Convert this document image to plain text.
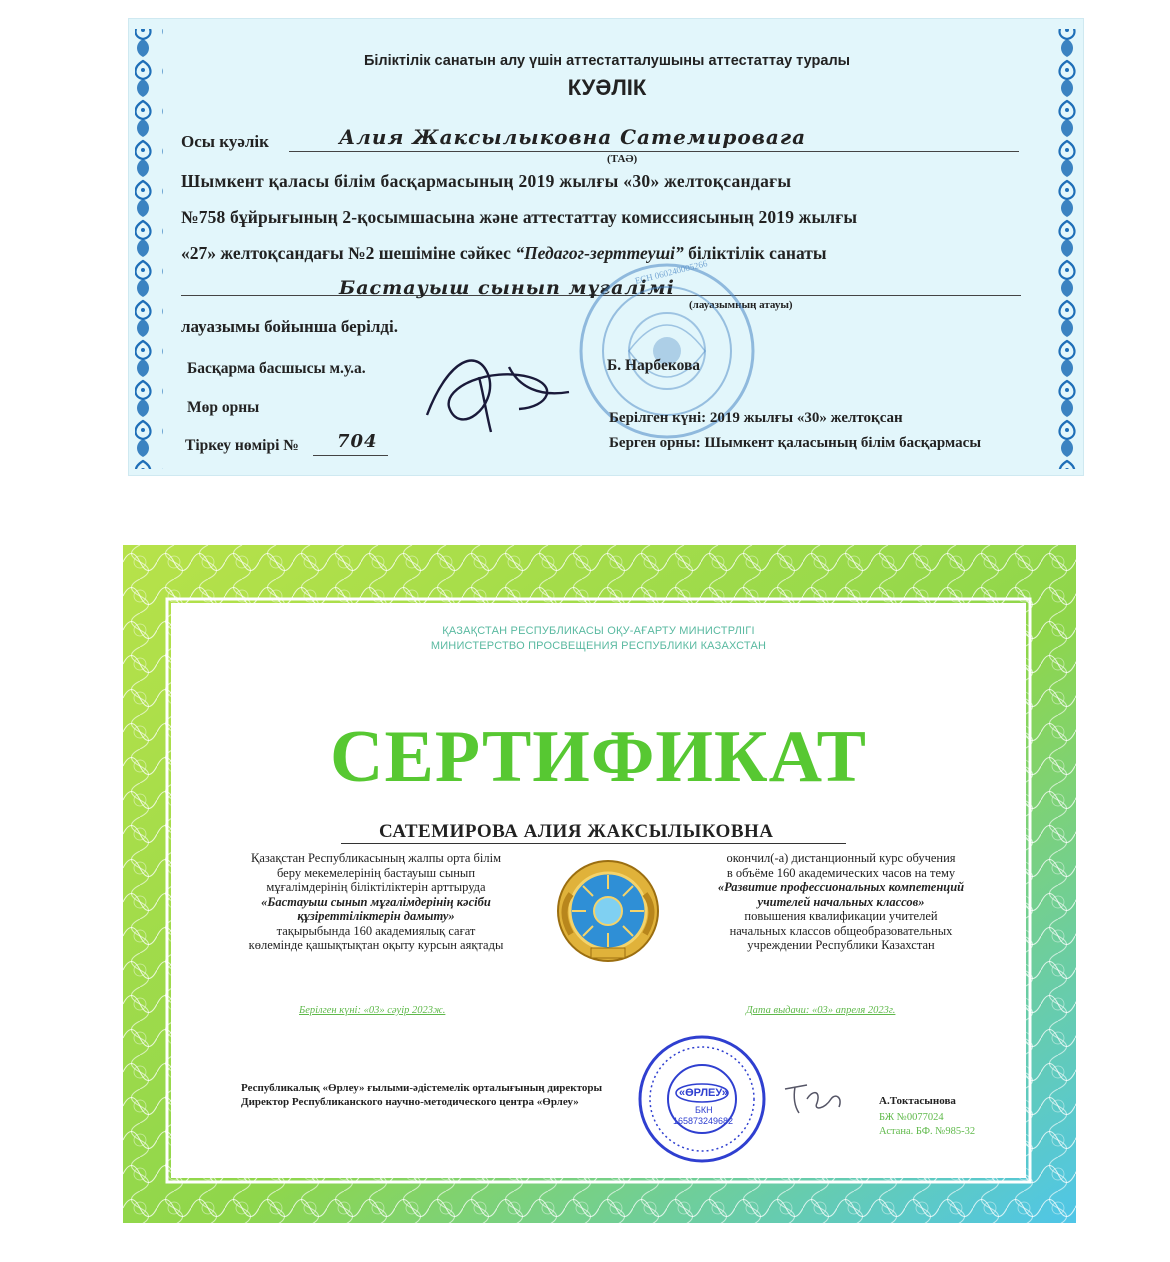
Біліктілік санатын алу үшін аттестатталушыны аттестаттау туралы
КУӘЛІК
Осы куәлік	Алия Жаксылыковна Сатемировага
(ТАӘ)
Шымкент қаласы білім басқармасының 2019 жылғы «30» желтоқсандағы
№758 бұйрығының 2-қосымшасына және аттестаттау комиссиясының 2019 жылғы
«27» желтоқсандағы №2 шешіміне сәйкес “Педагог-зерттеуші” біліктілік санаты
Бастауыш сынып мұғалімі
(лауазымның атауы)
лауазымы бойынша берілді.
ЕСН 060240005266
Басқарма басшысы м.у.а.	Б. Нарбекова
Мөр орны
Тіркеу нөмірі № 704
Берілген күні: 2019 жылғы «30» желтоқсан
Берген орны: Шымкент қаласының білім басқармасы
ҚАЗАҚСТАН РЕСПУБЛИКАСЫ ОҚУ-АҒАРТУ МИНИСТРЛІГІ
МИНИСТЕРСТВО ПРОСВЕЩЕНИЯ РЕСПУБЛИКИ КАЗАХСТАН
СЕРТИФИКАТ
САТЕМИРОВА АЛИЯ ЖАКСЫЛЫКОВНА
Қазақстан Республикасының жалпы орта білім
беру мекемелерінің бастауыш сынып
мұғалімдерінің біліктіліктерін арттыруда
«Бастауыш сынып мұғалімдерінің кәсіби
құзіреттіліктерін дамыту»
тақырыбында 160 академиялық сағат
көлемінде қашықтықтан оқыту курсын аяқтады
окончил(-а) дистанционный курс обучения
в объёме 160 академических часов на тему
«Развитие профессиональных компетенций
учителей начальных классов»
повышения квалификации учителей
начальных классов общеобразовательных
учреждении Республики Казахстан
Берілген күні: «03» сәуір 2023ж.	Дата выдачи: «03» апреля 2023г.
Республикалық «Өрлеу» ғылыми-әдістемелік орталығының директоры
Директор Республиканского научно-методического центра «Өрлеу»
«ӨРЛЕУ»
БКН
165873249682
А.Токтасынова
БЖ №0077024
Астана. БФ. №985-32
